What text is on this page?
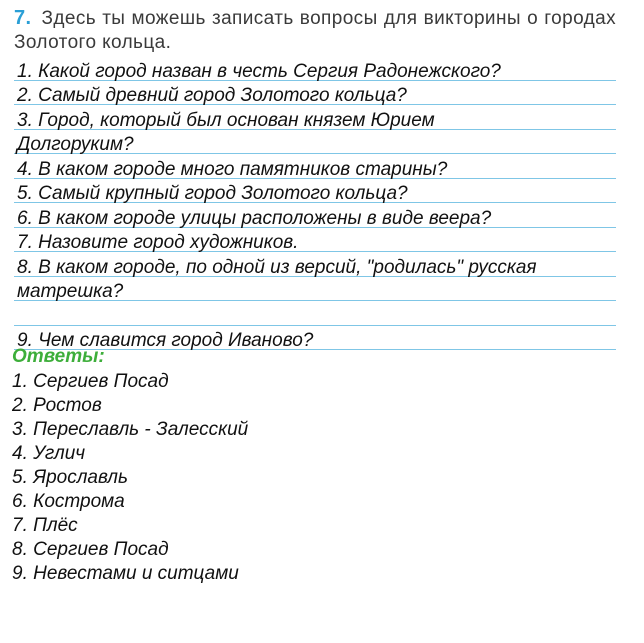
7. Здесь ты можешь записать вопросы для викторины о городах Золотого кольца.
1. Какой город назван в честь Сергия Радонежского?
2. Самый древний город Золотого кольца?
3. Город, который был основан князем Юрием
Долгоруким?
4. В каком городе много памятников старины?
5. Самый крупный город Золотого кольца?
6. В каком городе улицы расположены в виде веера?
7. Назовите город художников.
8. В каком городе, по одной из версий, "родилась" русская
матрешка?
9. Чем славится город Иваново?
Ответы:
1. Сергиев Посад
2. Ростов
3. Переславль - Залесский
4. Углич
5. Ярославль
6. Кострома
7. Плёс
8. Сергиев Посад
9. Невестами и ситцами
